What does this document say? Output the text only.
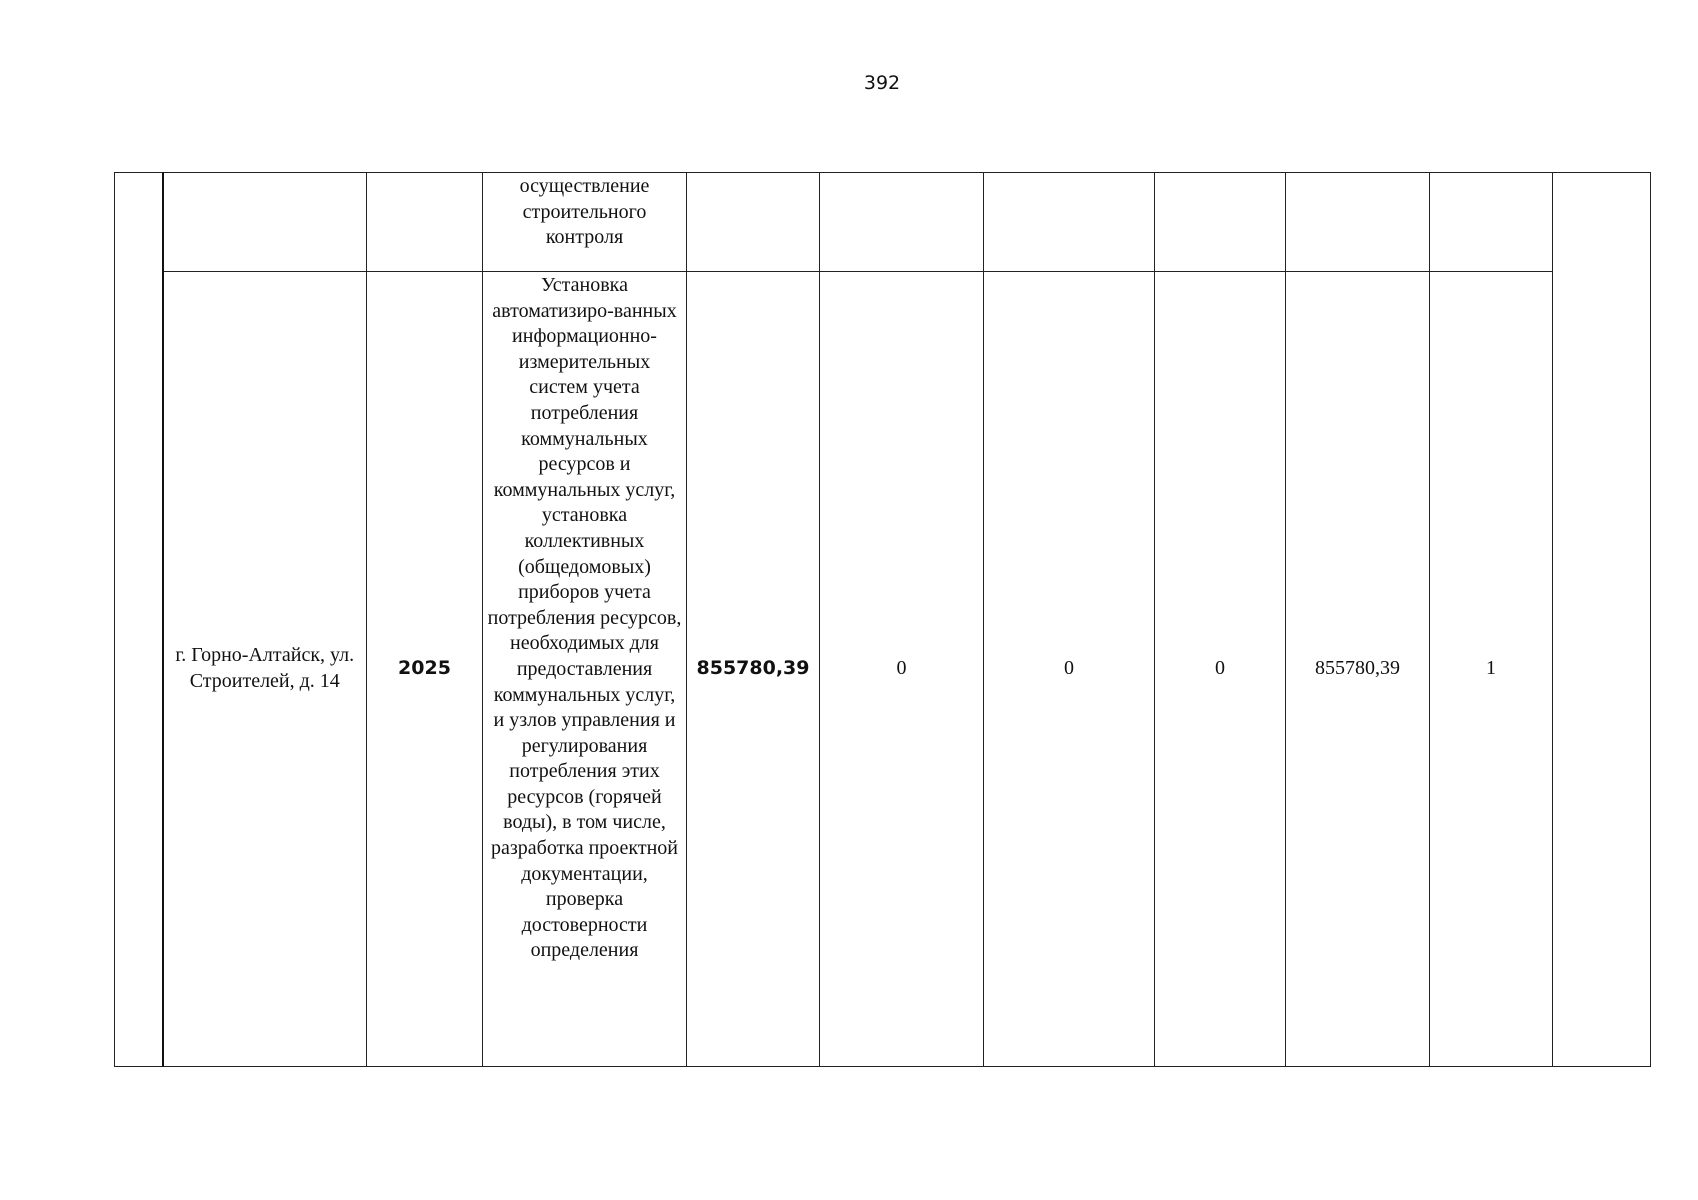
392
			осуществление строительного контроля							
	г. Горно-Алтайск, ул. Строителей, д. 14	2025	Установка автоматизиро-ванных информационно-измерительных систем учета потребления коммунальных ресурсов и коммунальных услуг, установка коллективных (общедомовых) приборов учета потребления ресурсов, необходимых для предоставления коммунальных услуг, и узлов управления и регулирования потребления этих ресурсов (горячей воды), в том числе, разработка проектной документации, проверка достоверности определения	855780,39	0	0	0	855780,39	1	
